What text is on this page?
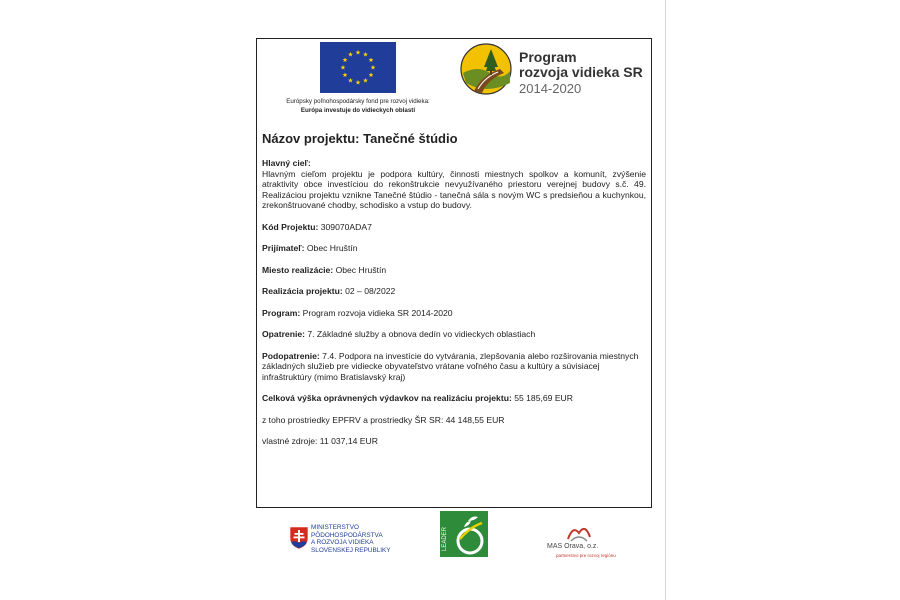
Európsky poľnohospodársky fond pre rozvoj vidieka:
Európa investuje do vidieckych oblastí
Program
rozvoja vidieka SR
2014-2020
Názov projektu: Tanečné štúdio
Hlavný cieľ:
Hlavným cieľom projektu je podpora kultúry, činnosti miestnych spolkov a komunít, zvýšenie atraktivity obce investíciou do rekonštrukcie nevyužívaného priestoru verejnej budovy s.č. 49. Realizáciou projektu vznikne Tanečné štúdio - tanečná sála s novým WC s predsieňou a kuchynkou, zrekonštruované chodby, schodisko a vstup do budovy.
Kód Projektu: 309070ADA7
Prijímateľ: Obec Hruštín
Miesto realizácie: Obec Hruštín
Realizácia projektu: 02 – 08/2022
Program: Program rozvoja vidieka SR 2014-2020
Opatrenie: 7. Základné služby a obnova dedín vo vidieckych oblastiach
Podopatrenie: 7.4. Podpora na investície do vytvárania, zlepšovania alebo rozširovania miestnych základných služieb pre vidiecke obyvateľstvo vrátane voľného času a kultúry a súvisiacej infraštruktúry (mimo Bratislavský kraj)
Celková výška oprávnených výdavkov na realizáciu projektu: 55 185,69 EUR
z toho prostriedky EPFRV a prostriedky ŠR SR: 44 148,55 EUR
vlastné zdroje: 11 037,14 EUR
MINISTERSTVO
PÔDOHOSPODÁRSTVA
A ROZVOJA VIDIEKA
SLOVENSKEJ REPUBLIKY	LEADER	MAS Orava, o.z.
partnerstvo pre rozvoj regiónu
